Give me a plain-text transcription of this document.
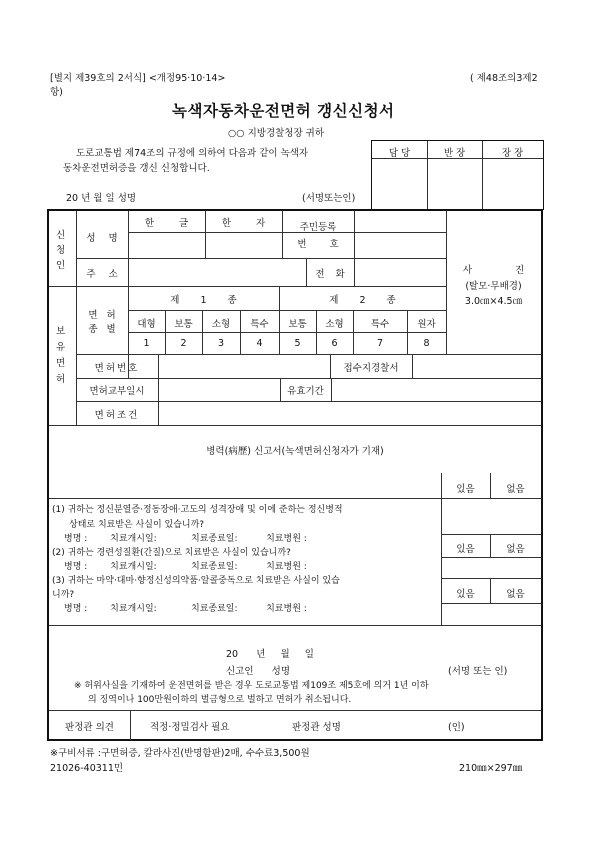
[별지 제39호의 2서식] <개정95·10·14>	( 제48조의3제2
항)
녹색자동차운전면허 갱신신청서
○○ 지방경찰청장 귀하
도로교통법 제74조의 규정에 의하여 다음과 같이 녹색자
동차운전면허증을 갱신 신청합니다.
20 년 월 일 성명	(서명또는인)
담 당	반 장	장 장
신청인
성 명
한 글	한 자	주민등록
번 호
주 소	전 화	사 진
(탈모·무배경)
3.0㎝×4.5㎝
보유면허
면 허
종 별
제 1 종	제 2 종
대형	보통	소형	특수	보통	소형	특수	원자
1	2	3	4	5	6	7	8
면허번호	접수지경찰서
면허교부일시	유효기간
면허조건
병력(病歷) 신고서(녹색면허신청자가 기재)
있음	없음
있음	없음
있음	없음
(1) 귀하는 정신분열증·정동장애·고도의 성격장애 및 이에 준하는 정신병적
상태로 치료받은 사실이 있습니까?
병명 :        치료개시일:            치료종료일:          치료병원 :
(2) 귀하는 경련성질환(간질)으로 치료받은 사실이 있습니까?
병명 :        치료개시일:            치료종료일:          치료병원 :
(3) 귀하는 마약·대마·향정신성의약품·알콜중독으로 치료받은 사실이 있습
니까?
병명 :        치료개시일:            치료종료일:          치료병원 :
20      년     월     일
신고인      성명	(서명 또는 인)
※ 허위사실을 기재하여 운전면허를 받은 경우 도로교통법 제109조 제5호에 의거 1년 이하
의 징역이나 100만원이하의 벌금형으로 벌하고 면허가 취소됩니다.
판정관 의견	적정·정밀검사 필요	판정관 성명	(인)
※구비서류 :구면허증, 칼라사진(반명함판)2매, 수수료3,500원
21026-40311민	210㎜×297㎜
